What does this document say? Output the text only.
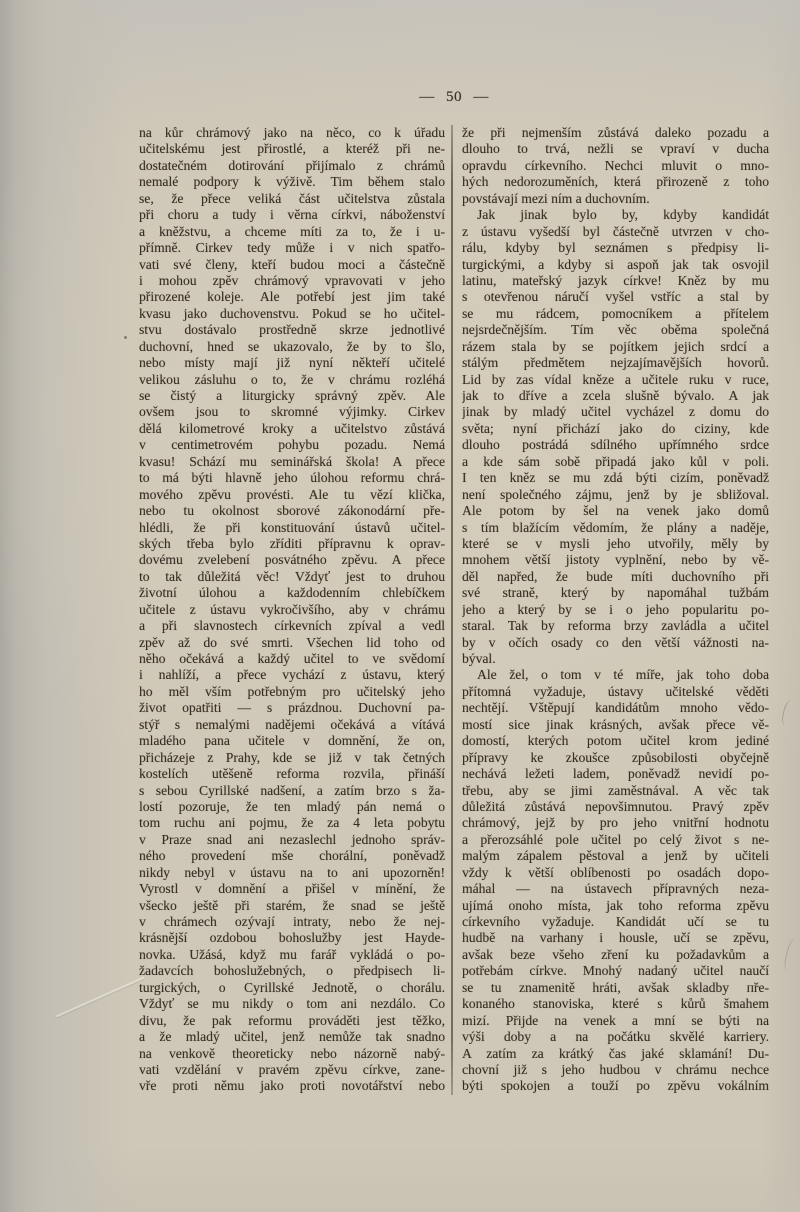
— 50 —
na kůr chrámový jako na něco, co k úřadu
učitelskému jest přirostlé, a kteréž při ne-
dostatečném dotirování přijímalo z chrámů
nemalé podpory k výživě. Tim během stalo
se, že přece veliká část učitelstva zůstala
při choru a tudy i věrna církvi, náboženství
a kněžstvu, a chceme míti za to, že i u-
přímně. Cirkev tedy může i v nich spatřo-
vati své členy, kteří budou moci a částečně
i mohou zpěv chrámový vpravovati v jeho
přirozené koleje. Ale potřebí jest jim také
kvasu jako duchovenstvu. Pokud se ho učitel-
stvu dostávalo prostředně skrze jednotlivé
duchovní, hned se ukazovalo, že by to šlo,
nebo místy mají již nyní někteří učitelé
velikou zásluhu o to, že v chrámu rozléhá
se čistý a liturgicky správný zpěv. Ale
ovšem jsou to skromné výjimky. Cirkev
dělá kilometrové kroky a učitelstvo zůstává
v centimetrovém pohybu pozadu. Nemá
kvasu! Schází mu seminářská škola! A přece
to má býti hlavně jeho úlohou reformu chrá-
mového zpěvu provésti. Ale tu vězí klička,
nebo tu okolnost sborové zákonodární pře-
hlédli, že při konstituování ústavů učitel-
ských třeba bylo zříditi přípravnu k oprav-
dovému zvelebení posvátného zpěvu. A přece
to tak důležitá věc! Vždyť jest to druhou
životní úlohou a každodenním chlebíčkem
učitele z ústavu vykročivšího, aby v chrámu
a při slavnostech církevních zpíval a vedl
zpěv až do své smrti. Všechen lid toho od
něho očekává a každý učitel to ve svědomí
i nahlíží, a přece vychází z ústavu, který
ho měl vším potřebným pro učitelský jeho
život opatřiti — s prázdnou. Duchovní pa-
stýř s nemalými nadějemi očekává a vítává
mladého pana učitele v domnění, že on,
přicházeje z Prahy, kde se již v tak četných
kostelích utěšeně reforma rozvila, přináší
s sebou Cyrillské nadšení, a zatím brzo s ža-
lostí pozoruje, že ten mladý pán nemá o
tom ruchu ani pojmu, že za 4 leta pobytu
v Praze snad ani nezaslechl jednoho správ-
ného provedení mše chorální, poněvadž
nikdy nebyl v ústavu na to ani upozorněn!
Vyrostl v domnění a přišel v mínění, že
všecko ještě při starém, že snad se ještě
v chrámech ozývají intraty, nebo že nej-
krásnější ozdobou bohoslužby jest Hayde-
novka. Užásá, když mu farář vykládá o po-
žadavcích bohoslužebných, o předpisech li-
turgických, o Cyrillské Jednotě, o chorálu.
Vždyť se mu nikdy o tom ani nezdálo. Co
divu, že pak reformu prováděti jest těžko,
a že mladý učitel, jenž nemůže tak snadno
na venkově theoreticky nebo názorně nabý-
vati vzdělání v pravém zpěvu církve, zane-
vře proti němu jako proti novotářství nebo
že při nejmenším zůstává daleko pozadu a
dlouho to trvá, nežli se vpraví v ducha
opravdu církevního. Nechci mluvit o mno-
hých nedorozuměních, která přirozeně z toho
povstávají mezi ním a duchovním.
Jak jinak bylo by, kdyby kandidát
z ústavu vyšedší byl částečně utvrzen v cho-
rálu, kdyby byl seznámen s předpisy li-
turgickými, a kdyby si aspoň jak tak osvojil
latinu, mateřský jazyk církve! Kněz by mu
s otevřenou náručí vyšel vstříc a stal by
se mu rádcem, pomocníkem a přítelem
nejsrdečnějším. Tím věc oběma společná
rázem stala by se pojítkem jejich srdcí a
stálým předmětem nejzajímavějších hovorů.
Lid by zas vídal kněze a učitele ruku v ruce,
jak to dříve a zcela slušně bývalo. A jak
jinak by mladý učitel vycházel z domu do
světa; nyní přichází jako do ciziny, kde
dlouho postrádá sdílného upřímného srdce
a kde sám sobě připadá jako kůl v poli.
I ten kněz se mu zdá býti cizím, poněvadž
není společného zájmu, jenž by je sbližoval.
Ale potom by šel na venek jako domů
s tím blažícím vědomím, že plány a naděje,
které se v mysli jeho utvořily, měly by
mnohem větší jistoty vyplnění, nebo by vě-
děl napřed, že bude míti duchovního při
své straně, který by napomáhal tužbám
jeho a který by se i o jeho popularitu po-
staral. Tak by reforma brzy zavládla a učitel
by v očích osady co den větší vážnosti na-
býval.
Ale žel, o tom v té míře, jak toho doba
přítomná vyžaduje, ústavy učitelské věděti
nechtějí. Vštěpují kandidátům mnoho vědo-
mostí sice jinak krásných, avšak přece vě-
domostí, kterých potom učitel krom jediné
přípravy ke zkoušce způsobilosti obyčejně
nechává ležeti ladem, poněvadž nevidí po-
třebu, aby se jimi zaměstnával. A věc tak
důležitá zůstává nepovšimnutou. Pravý zpěv
chrámový, jejž by pro jeho vnitřní hodnotu
a přerozsáhlé pole učitel po celý život s ne-
malým zápalem pěstoval a jenž by učiteli
vždy k větší oblíbenosti po osadách dopo-
máhal — na ústavech přípravných neza-
ujímá onoho místa, jak toho reforma zpěvu
církevního vyžaduje. Kandidát učí se tu
hudbě na varhany i housle, učí se zpěvu,
avšak beze všeho zření ku požadavkům a
potřebám církve. Mnohý nadaný učitel naučí
se tu znamenitě hráti, avšak skladby пře-
konaného stanoviska, které s kůrů šmahem
mizí. Přijde na venek a mní se býti na
výši doby a na počátku skvělé karriery.
A zatím za krátký čas jaké sklamání! Du-
chovní již s jeho hudbou v chrámu nechce
býti spokojen a touží po zpěvu vokálním
